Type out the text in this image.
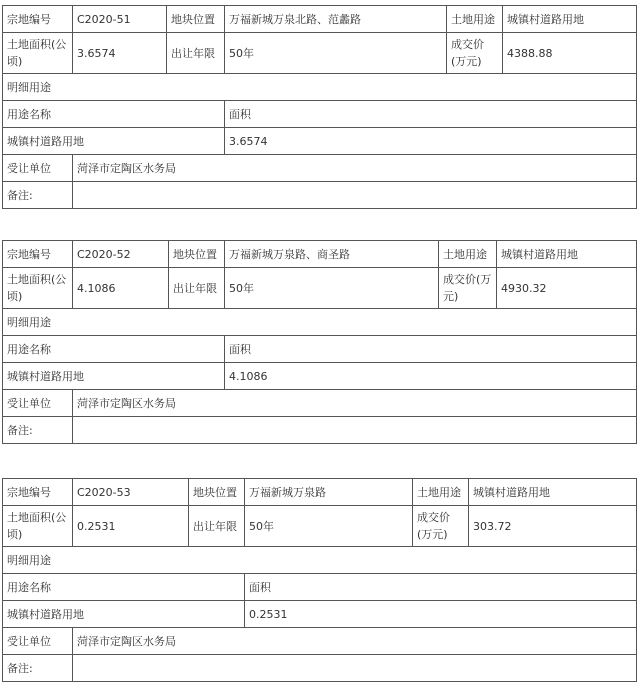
宗地编号	C2020-51	地块位置	万福新城万泉北路、范蠡路	土地用途	城镇村道路用地
土地面积(公顷)	3.6574	出让年限	50年	成交价(万元)	4388.88
明细用途					
用途名称			面积		
城镇村道路用地			3.6574		
受让单位	菏泽市定陶区水务局				
备注:					
宗地编号	C2020-52	地块位置	万福新城万泉路、商圣路	土地用途	城镇村道路用地
土地面积(公顷)	4.1086	出让年限	50年	成交价(万元)	4930.32
明细用途					
用途名称			面积		
城镇村道路用地			4.1086		
受让单位	菏泽市定陶区水务局				
备注:					
宗地编号	C2020-53	地块位置	万福新城万泉路	土地用途	城镇村道路用地
土地面积(公顷)	0.2531	出让年限	50年	成交价(万元)	303.72
明细用途					
用途名称			面积		
城镇村道路用地			0.2531		
受让单位	菏泽市定陶区水务局				
备注:					
